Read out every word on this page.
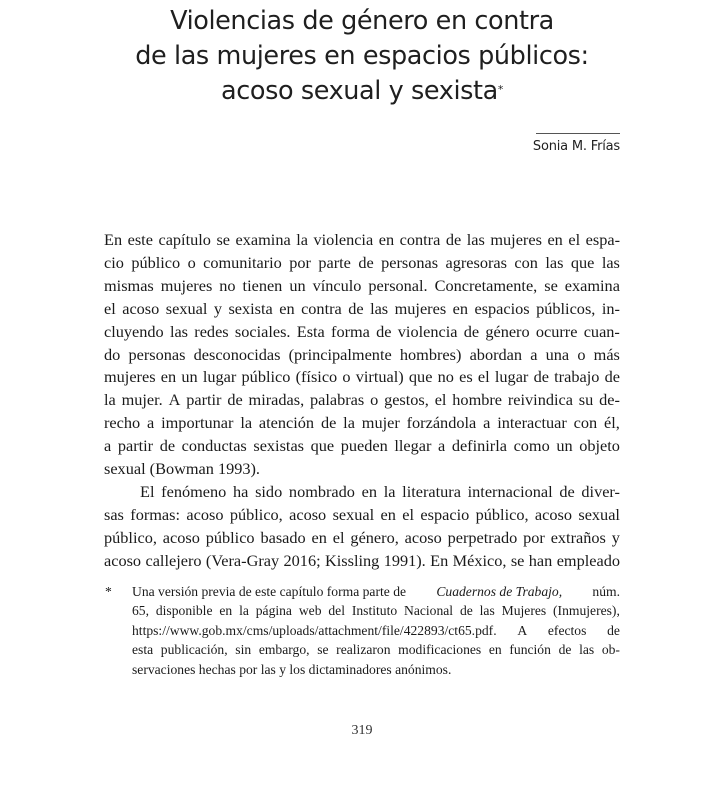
Violencias de género en contra
de las mujeres en espacios públicos:
acoso sexual y sexista*
Sonia M. Frías
En este capítulo se examina la violencia en contra de las mujeres en el espa-
cio público o comunitario por parte de personas agresoras con las que las
mismas mujeres no tienen un vínculo personal. Concretamente, se examina
el acoso sexual y sexista en contra de las mujeres en espacios públicos, in-
cluyendo las redes sociales. Esta forma de violencia de género ocurre cuan-
do personas desconocidas (principalmente hombres) abordan a una o más
mujeres en un lugar público (físico o virtual) que no es el lugar de trabajo de
la mujer. A partir de miradas, palabras o gestos, el hombre reivindica su de-
recho a importunar la atención de la mujer forzándola a interactuar con él,
a partir de conductas sexistas que pueden llegar a definirla como un objeto
sexual (Bowman 1993).
El fenómeno ha sido nombrado en la literatura internacional de diver-
sas formas: acoso público, acoso sexual en el espacio público, acoso sexual
público, acoso público basado en el género, acoso perpetrado por extraños y
acoso callejero (Vera-Gray 2016; Kissling 1991). En México, se han empleado
* Una versión previa de este capítulo forma parte de Cuadernos de Trabajo, núm.
65, disponible en la página web del Instituto Nacional de las Mujeres (Inmujeres),
https://www.gob.mx/cms/uploads/attachment/file/422893/ct65.pdf. A efectos de
esta publicación, sin embargo, se realizaron modificaciones en función de las ob-
servaciones hechas por las y los dictaminadores anónimos.
319
